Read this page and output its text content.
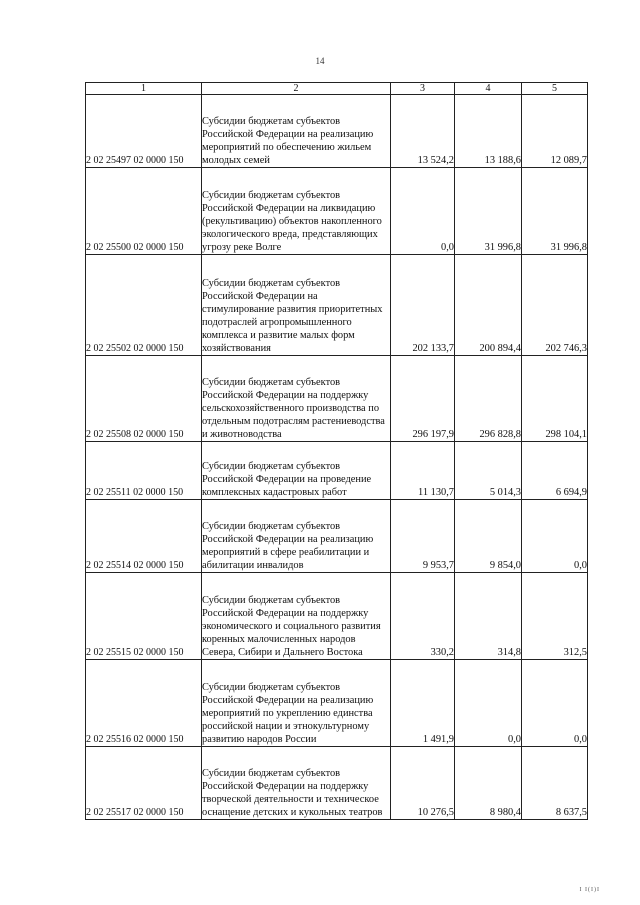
14
1	2	3	4	5
2 02 25497 02 0000 150	Субсидии бюджетам субъектов Российской Федерации на реализацию мероприятий по обеспечению жильем молодых семей	13 524,2	13 188,6	12 089,7
2 02 25500 02 0000 150	Субсидии бюджетам субъектов Российской Федерации на ликвидацию (рекультивацию) объектов накопленного экологического вреда, представляющих угрозу реке Волге	0,0	31 996,8	31 996,8
2 02 25502 02 0000 150	Субсидии бюджетам субъектов Российской Федерации на стимулирование развития приоритетных подотраслей агропромышленного комплекса и развитие малых форм хозяйствования	202 133,7	200 894,4	202 746,3
2 02 25508 02 0000 150	Субсидии бюджетам субъектов Российской Федерации на поддержку сельскохозяйственного производства по отдельным подотраслям растениеводства и животноводства	296 197,9	296 828,8	298 104,1
2 02 25511 02 0000 150	Субсидии бюджетам субъектов Российской Федерации на проведение комплексных кадастровых работ	11 130,7	5 014,3	6 694,9
2 02 25514 02 0000 150	Субсидии бюджетам субъектов Российской Федерации на реализацию мероприятий в сфере реабилитации и абилитации инвалидов	9 953,7	9 854,0	0,0
2 02 25515 02 0000 150	Субсидии бюджетам субъектов Российской Федерации на поддержку экономического и социального развития коренных малочисленных народов Севера, Сибири и Дальнего Востока	330,2	314,8	312,5
2 02 25516 02 0000 150	Субсидии бюджетам субъектов Российской Федерации на реализацию мероприятий по укреплению единства российской нации и этнокультурному развитию народов России	1 491,9	0,0	0,0
2 02 25517 02 0000 150	Субсидии бюджетам субъектов Российской Федерации на поддержку творческой деятельности и техническое оснащение детских и кукольных театров	10 276,5	8 980,4	8 637,5
I I(I)I
